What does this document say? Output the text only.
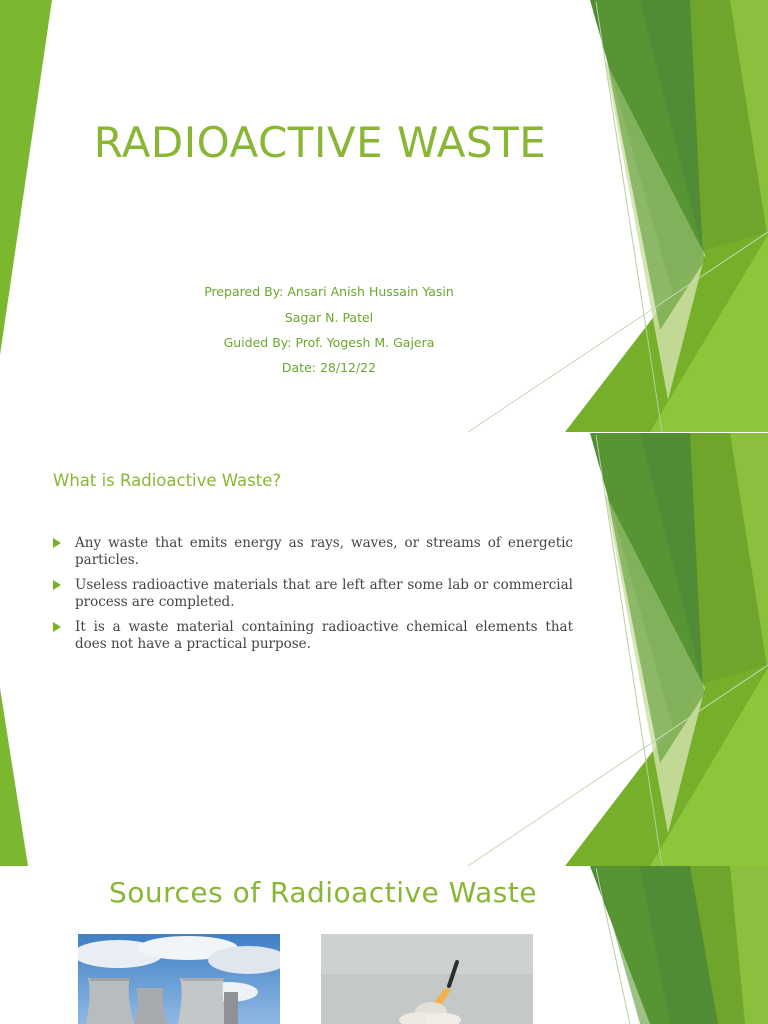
RADIOACTIVE WASTE
Prepared By: Ansari Anish Hussain Yasin
Sagar N. Patel
Guided By: Prof. Yogesh M. Gajera
Date: 28/12/22
What is Radioactive Waste?
Any waste that emits energy as rays, waves, or streams of energetic particles.
Useless radioactive materials that are left after some lab or commercial process are completed.
It is a waste material containing radioactive chemical elements that does not have a practical purpose.
Sources of Radioactive Waste
